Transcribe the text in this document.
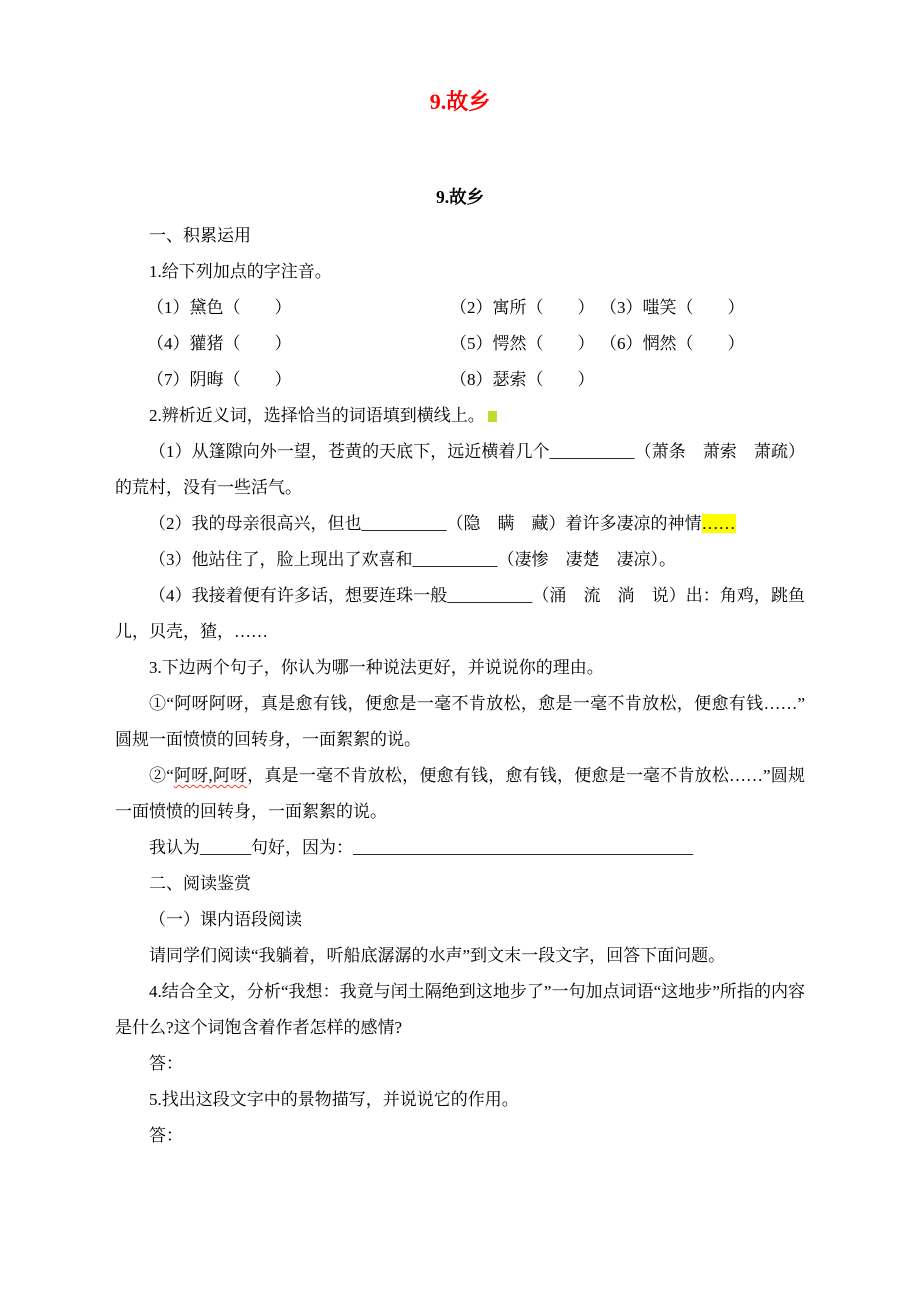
9.故乡
9.故乡

一、积累运用

1.给下列加点的字注音。

（1）黛色（　　）	（2）寓所（　　） （3）嗤笑（　　）

（4）獾猪（　　）	（5）愕然（　　） （6）惘然（　　）

（7）阴晦（　　）	（8）瑟索（　　）

2.辨析近义词，选择恰当的词语填到横线上。

（1）从篷隙向外一望，苍黄的天底下，远近横着几个__________（萧条　萧索　萧疏）的荒村，没有一些活气。

（2）我的母亲很高兴，但也__________（隐　瞒　藏）着许多凄凉的神情……

（3）他站住了，脸上现出了欢喜和__________（凄惨　凄楚　凄凉）。

（4）我接着便有许多话，想要连珠一般__________（涌　流　淌　说）出：角鸡，跳鱼儿，贝壳，猹，……

3.下边两个句子，你认为哪一种说法更好，并说说你的理由。

①“阿呀阿呀，真是愈有钱，便愈是一毫不肯放松，愈是一毫不肯放松，便愈有钱……”圆规一面愤愤的回转身，一面絮絮的说。

②“阿呀,阿呀，真是一毫不肯放松，便愈有钱，愈有钱，便愈是一毫不肯放松……”圆规一面愤愤的回转身，一面絮絮的说。

我认为______句好，因为：________________________________________

二、阅读鉴赏

（一）课内语段阅读

请同学们阅读“我躺着，听船底潺潺的水声”到文末一段文字，回答下面问题。

4.结合全文，分析“我想：我竟与闰土隔绝到这地步了”一句加点词语“这地步”所指的内容是什么?这个词饱含着作者怎样的感情?

答：

5.找出这段文字中的景物描写，并说说它的作用。

答：
